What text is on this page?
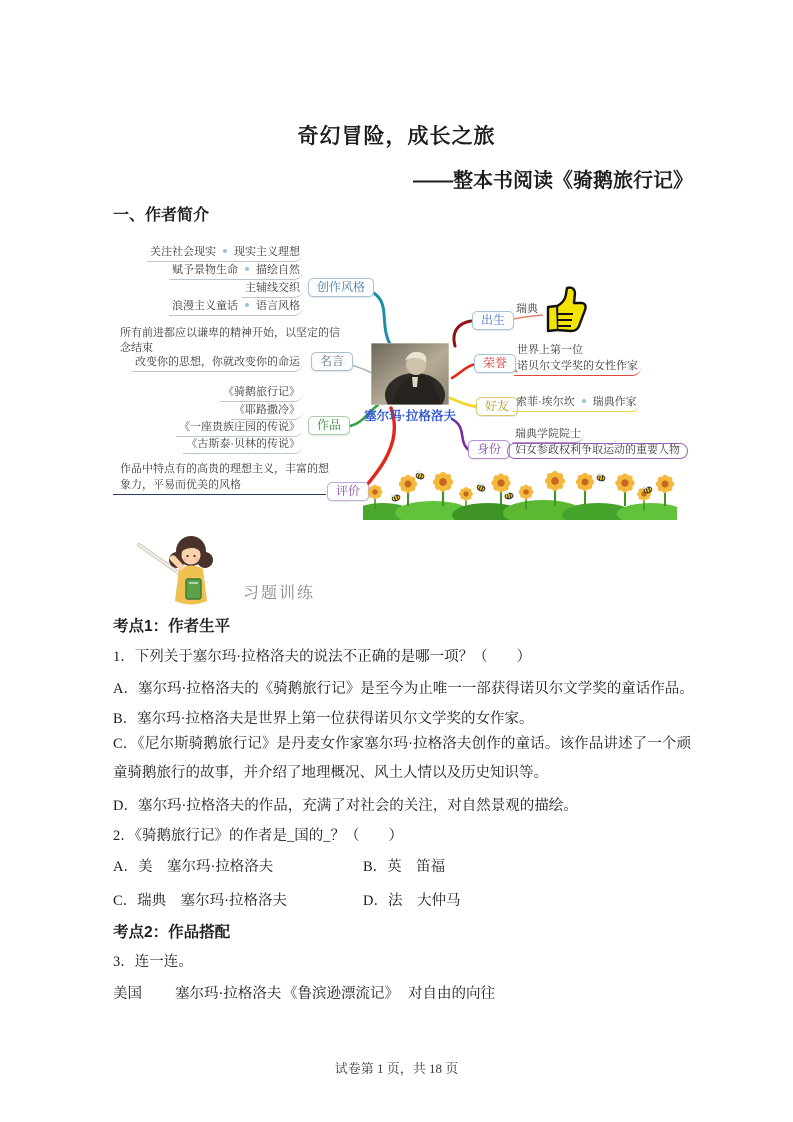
奇幻冒险，成长之旅
——整本书阅读《骑鹅旅行记》
一、作者简介
关注社会现实 现实主义理想
赋予景物生命 描绘自然
主辅线交织
浪漫主义童话 语言风格
创作风格
所有前进都应以谦卑的精神开始，以坚定的信念结束
改变你的思想，你就改变你的命运	名言
《骑鹅旅行记》
《耶路撒冷》
《一座贵族庄园的传说》
《古斯泰·贝林的传说》
作品
作品中特点有的高贵的理想主义，丰富的想象力，平易而优美的风格	评价
塞尔玛·拉格洛夫
出生
瑞典
荣誉
世界上第一位
诺贝尔文学奖的女性作家
好友 索菲·埃尔坎 瑞典作家
身份
瑞典学院院士
妇女参政权利争取运动的重要人物
习题训练
考点1：作者生平
1．下列关于塞尔玛·拉格洛夫的说法不正确的是哪一项？（　　）
A．塞尔玛·拉格洛夫的《骑鹅旅行记》是至今为止唯一一部获得诺贝尔文学奖的童话作品。
B．塞尔玛·拉格洛夫是世界上第一位获得诺贝尔文学奖的女作家。
C．《尼尔斯骑鹅旅行记》是丹麦女作家塞尔玛·拉格洛夫创作的童话。该作品讲述了一个顽童骑鹅旅行的故事，并介绍了地理概况、风土人情以及历史知识等。
D．塞尔玛·拉格洛夫的作品，充满了对社会的关注，对自然景观的描绘。
2．《骑鹅旅行记》的作者是_国的_？（　　）
A．美　塞尔玛·拉格洛夫	B．英　笛福
C．瑞典　塞尔玛·拉格洛夫	D．法　大仲马
考点2：作品搭配
3．连一连。
美国 塞尔玛·拉格洛夫 《鲁滨逊漂流记》 对自由的向往
试卷第 1 页，共 18 页
